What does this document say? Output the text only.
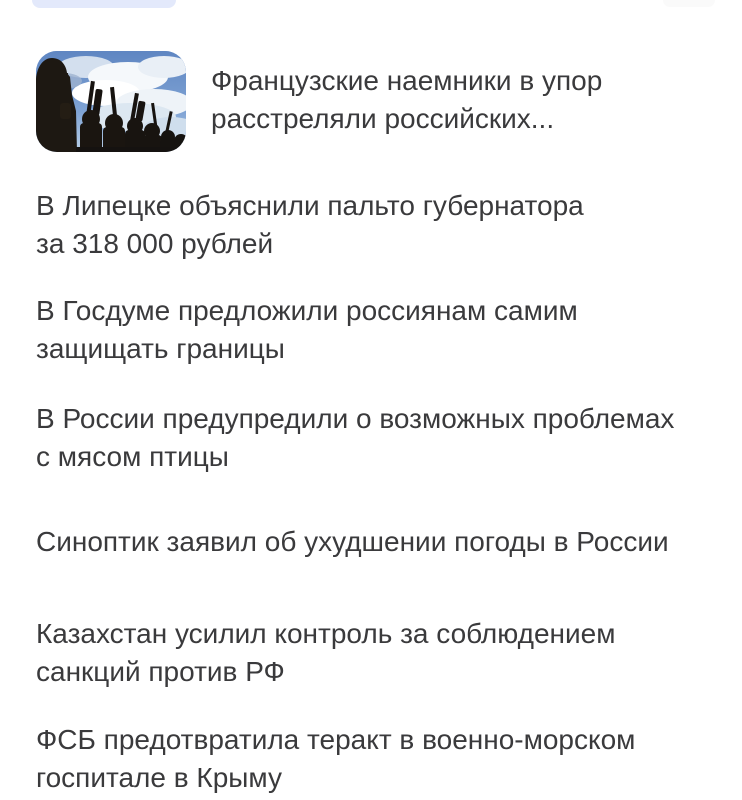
Французские наемники в упор
расстреляли российских...
В Липецке объяснили пальто губернатора
за 318 000 рублей
В Госдуме предложили россиянам самим
защищать границы
В России предупредили о возможных проблемах
с мясом птицы
Синоптик заявил об ухудшении погоды в России
Казахстан усилил контроль за соблюдением
санкций против РФ
ФСБ предотвратила теракт в военно-морском
госпитале в Крыму
